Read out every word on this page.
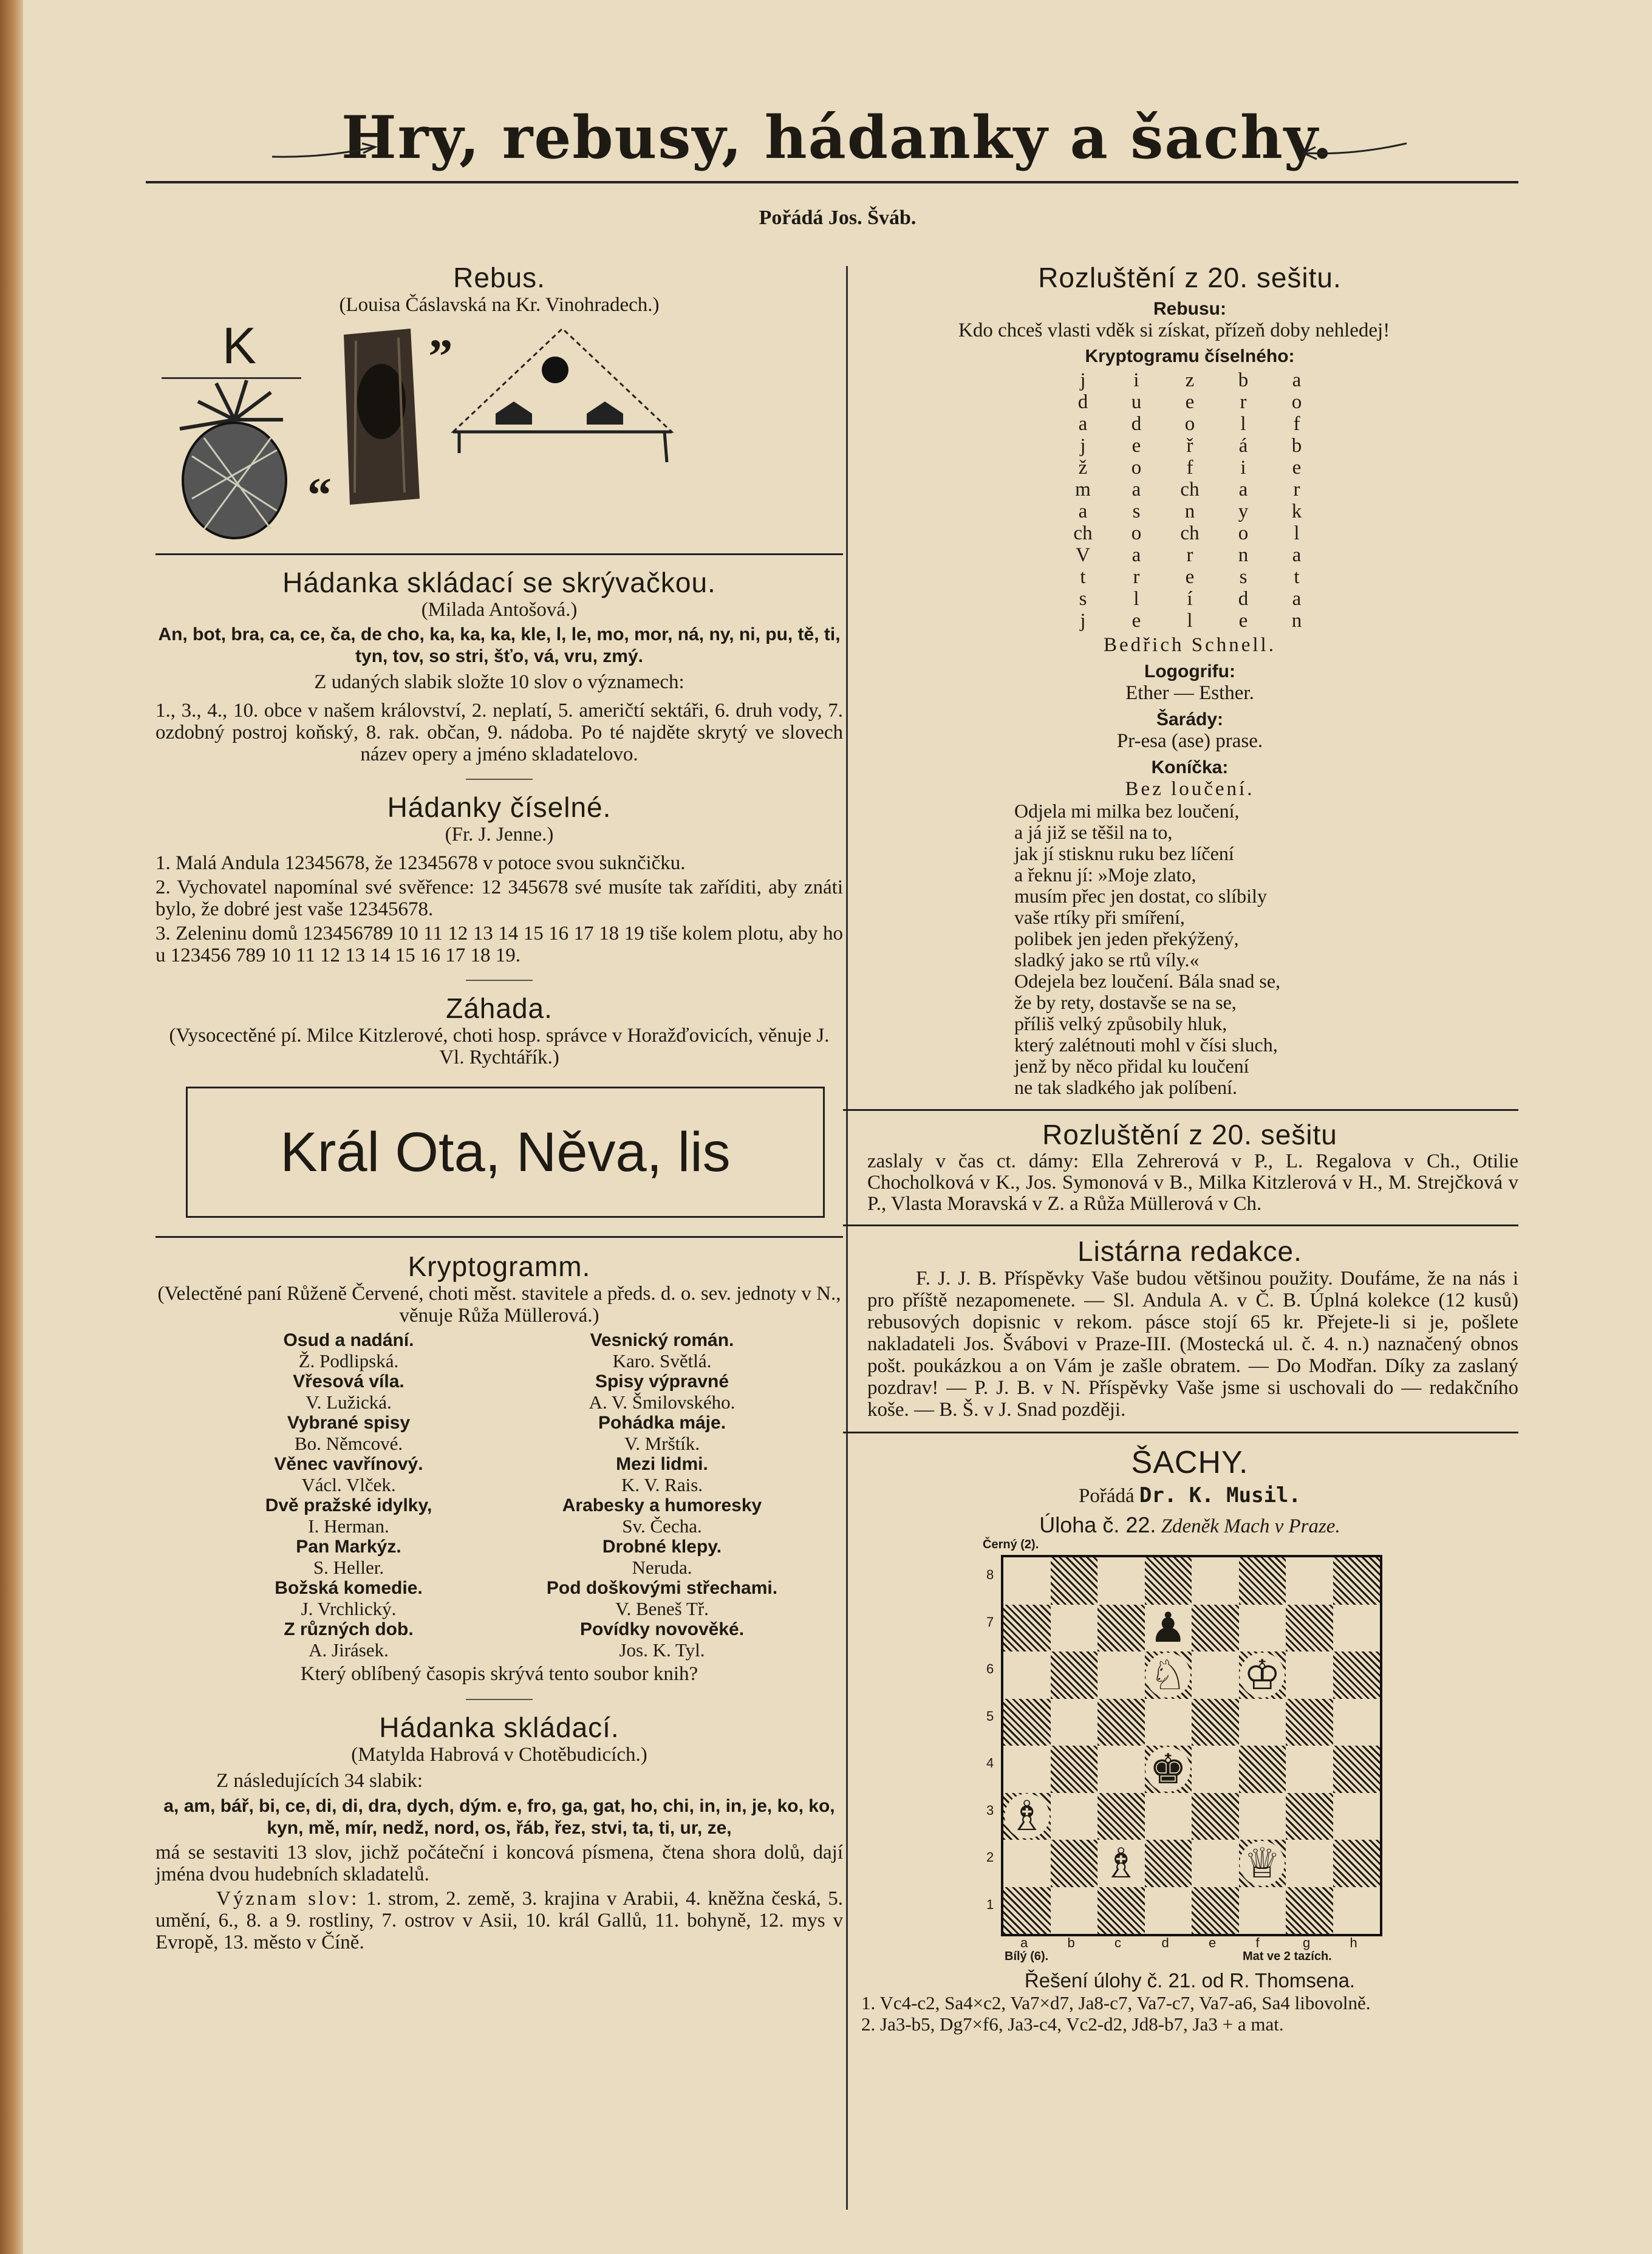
Hry, rebusy, hádanky a šachy.
Pořádá Jos. Šváb.
Rebus.

(Louisa Čáslavská na Kr. Vinohradech.)

K
“
„
Hádanka skládací se skrývačkou.

(Milada Antošová.)

An, bot, bra, ca, ce, ča, de cho, ka, ka, ka, kle, l, le, mo, mor, ná, ny, ni, pu, tě, ti, tyn, tov, so stri, šťo, vá, vru, zmý.

Z udaných slabik složte 10 slov o významech:

1., 3., 4., 10. obce v našem království, 2. neplatí, 5. američtí sektáři, 6. druh vody, 7. ozdobný postroj koňský, 8. rak. občan, 9. nádoba. Po té najděte skrytý ve slovech název opery a jméno skladatelovo.

Hádanky číselné.

(Fr. J. Jenne.)

1. Malá Andula 12345678, že 12345678 v potoce svou suknčičku.

2. Vychovatel napomínal své svěřence: 12 345678 své musíte tak zaříditi, aby znáti bylo, že dobré jest vaše 12345678.

3. Zeleninu domů 123456789 10 11 12 13 14 15 16 17 18 19 tiše kolem plotu, aby ho u 123456 789 10 11 12 13 14 15 16 17 18 19.

Záhada.

(Vysocectěné pí. Milce Kitzlerové, choti hosp. správce v Horažďovicích, věnuje J. Vl. Rychtářík.)

Král Ota, Něva, lis
Kryptogramm.

(Velectěné paní Růženě Červené, choti měst. stavitele a předs. d. o. sev. jednoty v N., věnuje Růža Müllerová.)

Osud a nadání.	Vesnický román.
Ž. Podlipská.	Karo. Světlá.
Vřesová víla.	Spisy výpravné
V. Lužická.	A. V. Šmilovského.
Vybrané spisy	Pohádka máje.
Bo. Němcové.	V. Mrštík.
Věnec vavřínový.	Mezi lidmi.
Václ. Vlček.	K. V. Rais.
Dvě pražské idylky,	Arabesky a humoresky
I. Herman.	Sv. Čecha.
Pan Markýz.	Drobné klepy.
S. Heller.	Neruda.
Božská komedie.	Pod doškovými střechami.
J. Vrchlický.	V. Beneš Tř.
Z různých dob.	Povídky novověké.
A. Jirásek.	Jos. K. Tyl.

Který oblíbený časopis skrývá tento soubor knih?

Hádanka skládací.

(Matylda Habrová v Chotěbudicích.)

Z následujících 34 slabik:

a, am, bář, bi, ce, di, di, dra, dych, dým. e, fro, ga, gat, ho, chi, in, in, je, ko, ko, kyn, mě, mír, nedž, nord, os, řáb, řez, stvi, ta, ti, ur, ze,

má se sestaviti 13 slov, jichž počáteční i koncová písmena, čtena shora dolů, dají jména dvou hudebních skladatelů.

Význam slov: 1. strom, 2. země, 3. krajina v Arabii, 4. kněžna česká, 5. umění, 6., 8. a 9. rostliny, 7. ostrov v Asii, 10. král Gallů, 11. bohyně, 12. mys v Evropě, 13. město v Číně.

Rozluštění z 20. sešitu.
Rebusu:

Kdo chceš vlasti vděk si získat, přízeň doby nehledej!

Kryptogramu číselného:
j	i	z	b	a
d	u	e	r	o
a	d	o	l	f
j	e	ř	á	b
ž	o	f	i	e
m	a	ch	a	r
a	s	n	y	k
ch	o	ch	o	l
V	a	r	n	a
t	r	e	s	t
s	l	í	d	a
j	e	l	e	n

Bedřich Schnell.

Logogrifu:

Ether — Esther.

Šarády:

Pr-esa (ase) prase.

Koníčka:

Bez loučení.

Odjela mi milka bez loučení,
a já již se těšil na to,
jak jí stisknu ruku bez líčení
a řeknu jí: »Moje zlato,
musím přec jen dostat, co slíbily
vaše rtíky při smíření,
polibek jen jeden překýžený,
sladký jako se rtů víly.«
Odejela bez loučení. Bála snad se,
že by rety, dostavše se na se,
příliš velký způsobily hluk,
který zalétnouti mohl v čísi sluch,
jenž by něco přidal ku loučení
ne tak sladkého jak políbení.
Rozluštění z 20. sešitu

zaslaly v čas ct. dámy: Ella Zehrerová v P., L. Regalova v Ch., Otilie Chocholková v K., Jos. Symonová v B., Milka Kitzlerová v H., M. Strejčková v P., Vlasta Moravská v Z. a Růža Müllerová v Ch.

Listárna redakce.

F. J. J. B. Příspěvky Vaše budou většinou použity. Doufáme, že na nás i pro příště nezapomenete. — Sl. Andula A. v Č. B. Úplná kolekce (12 kusů) rebusových dopisnic v rekom. pásce stojí 65 kr. Přejete-li si je, pošlete nakladateli Jos. Švábovi v Praze-III. (Mostecká ul. č. 4. n.) naznačený obnos pošt. poukázkou a on Vám je zašle obratem. — Do Modřan. Díky za zaslaný pozdrav! — P. J. B. v N. Příspěvky Vaše jsme si uschovali do — redakčního koše. — B. Š. v J. Snad později.

ŠACHY.

Pořádá Dr. K. Musil.

Úloha č. 22. Zdeněk Mach v Praze.

Černý (2).
8
7
6
5
4
3
2
1
♟
♘ ♔
♚
♗
♗	♕
a	b	c	d	e	f	g	h
Bílý (6).	Mat ve 2 tazích.

Řešení úlohy č. 21. od R. Thomsena.

1. Vc4-c2, Sa4×c2, Va7×d7, Ja8-c7, Va7-c7, Va7-a6, Sa4 libovolně.

2. Ja3-b5, Dg7×f6, Ja3-c4, Vc2-d2, Jd8-b7, Ja3 + a mat.
